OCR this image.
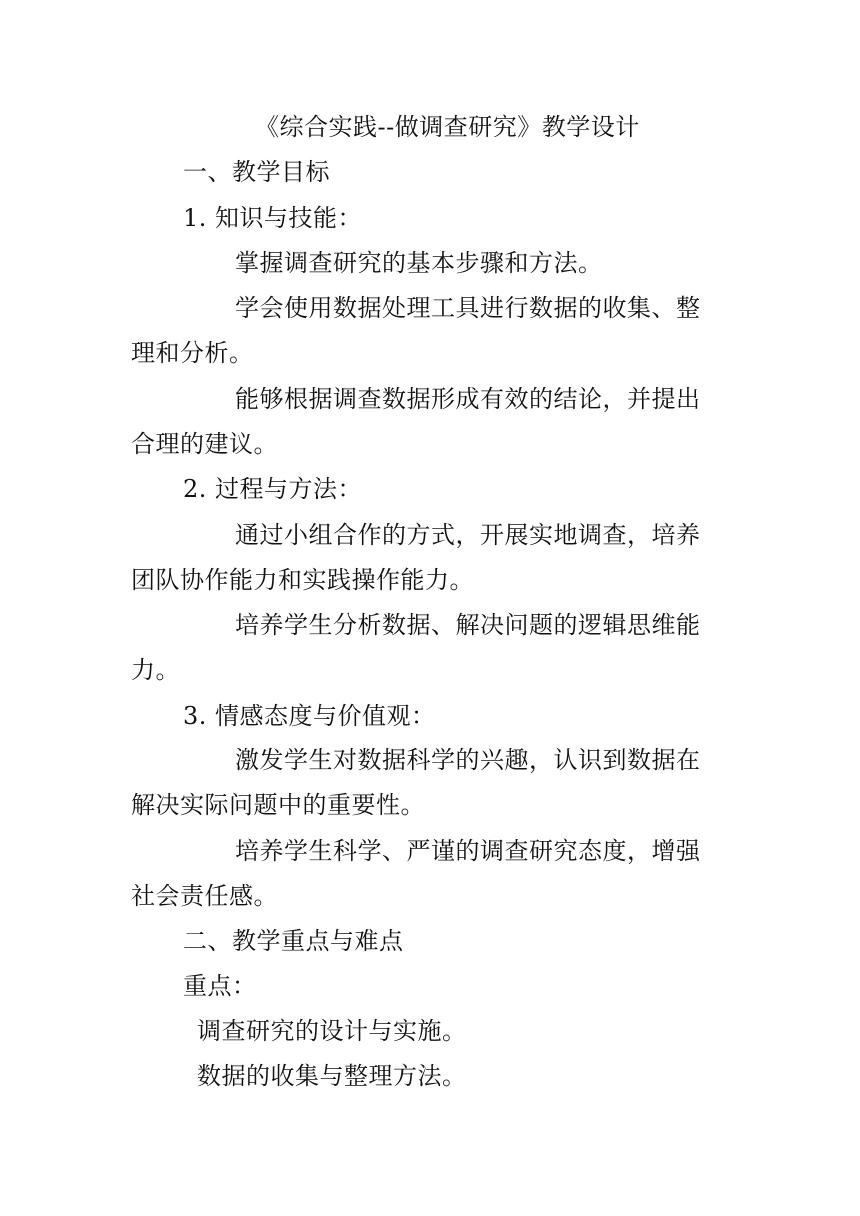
《综合实践--做调查研究》教学设计
一、教学目标
1. 知识与技能：
掌握调查研究的基本步骤和方法。
学会使用数据处理工具进行数据的收集、整
理和分析。
能够根据调查数据形成有效的结论，并提出
合理的建议。
2. 过程与方法：
通过小组合作的方式，开展实地调查，培养
团队协作能力和实践操作能力。
培养学生分析数据、解决问题的逻辑思维能
力。
3. 情感态度与价值观：
激发学生对数据科学的兴趣，认识到数据在
解决实际问题中的重要性。
培养学生科学、严谨的调查研究态度，增强
社会责任感。
二、教学重点与难点
重点：
调查研究的设计与实施。
数据的收集与整理方法。
